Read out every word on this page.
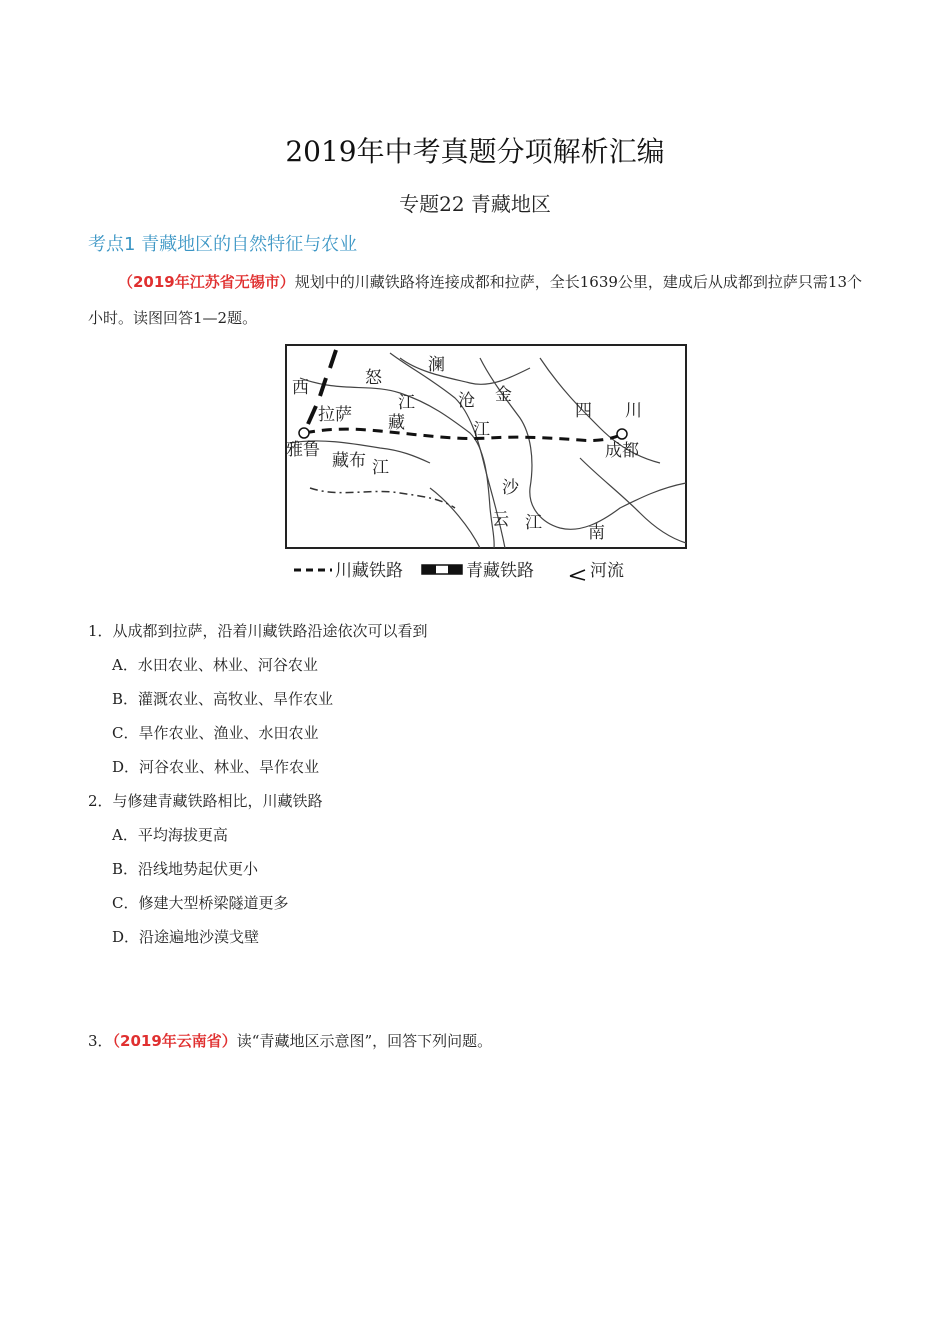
2019年中考真题分项解析汇编
专题22 青藏地区
考点1 青藏地区的自然特征与农业
（2019年江苏省无锡市）规划中的川藏铁路将连接成都和拉萨，全长1639公里，建成后从成都到拉萨只需13个小时。读图回答1—2题。
西	怒
澜
江	沧 金
四 川
拉萨 藏	江
成都
雅鲁
藏布 江
沙
云 江	南
川藏铁路	青藏铁路	河流
1．从成都到拉萨，沿着川藏铁路沿途依次可以看到
A．水田农业、林业、河谷农业
B．灌溉农业、高牧业、旱作农业
C．旱作农业、渔业、水田农业
D．河谷农业、林业、旱作农业
2．与修建青藏铁路相比，川藏铁路
A．平均海拔更高
B．沿线地势起伏更小
C．修建大型桥梁隧道更多
D．沿途遍地沙漠戈壁
3．（2019年云南省）读“青藏地区示意图”，回答下列问题。
